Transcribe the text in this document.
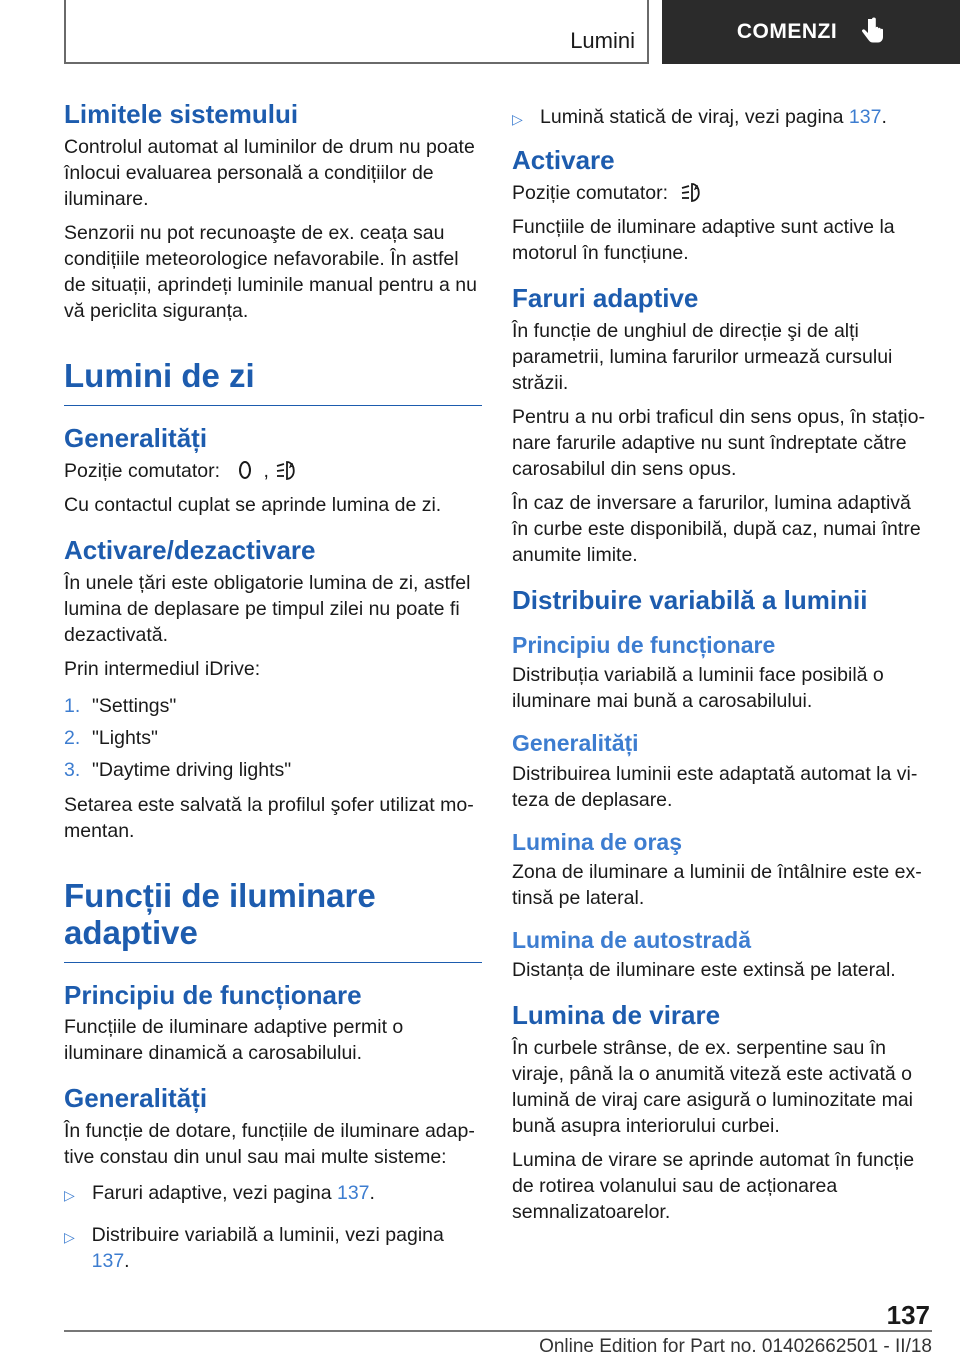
Lumini	COMENZI
Limitele sistemului

Controlul automat al luminilor de drum nu poate înlocui evaluarea personală a condițiilor de iluminare.

Senzorii nu pot recunoaşte de ex. ceața sau condițiile meteorologice nefavorabile. În astfel de situații, aprindeți luminile manual pentru a nu vă periclita siguranța.

Lumini de zi
Generalități

Poziție comutator: ,	A

Cu contactul cuplat se aprinde lumina de zi.

Activare/dezactivare

În unele țări este obligatorie lumina de zi, astfel lumina de deplasare pe timpul zilei nu poate fi dezactivată.

Prin intermediul iDrive:

1. "Settings"
2. "Lights"
3. "Daytime driving lights"

Setarea este salvată la profilul şofer utilizat momentan.

Funcții de iluminare adaptive
Principiu de funcționare

Funcțiile de iluminare adaptive permit o iluminare dinamică a carosabilului.

Generalități

În funcție de dotare, funcțiile de iluminare adaptive constau din unul sau mai multe sisteme:

▷ Faruri adaptive, vezi pagina 137.
▷ Distribuire variabilă a luminii, vezi pagina 137.
▷ Lumină statică de viraj, vezi pagina 137.
Activare

Poziție comutator:	A

Funcțiile de iluminare adaptive sunt active la motorul în funcțiune.

Faruri adaptive

În funcție de unghiul de direcție şi de alți parametrii, lumina farurilor urmează cursului străzii.

Pentru a nu orbi traficul din sens opus, în staționare farurile adaptive nu sunt îndreptate către carosabilul din sens opus.

În caz de inversare a farurilor, lumina adaptivă în curbe este disponibilă, după caz, numai între anumite limite.

Distribuire variabilă a luminii
Principiu de funcționare

Distribuția variabilă a luminii face posibilă o iluminare mai bună a carosabilului.

Generalități

Distribuirea luminii este adaptată automat la viteza de deplasare.

Lumina de oraş

Zona de iluminare a luminii de întâlnire este extinsă pe lateral.

Lumina de autostradă

Distanța de iluminare este extinsă pe lateral.

Lumina de virare

În curbele strânse, de ex. serpentine sau în viraje, până la o anumită viteză este activată o lumină de viraj care asigură o luminozitate mai bună asupra interiorului curbei.

Lumina de virare se aprinde automat în funcție de rotirea volanului sau de acționarea semnalizatoarelor.

137
Online Edition for Part no. 01402662501 - II/18
